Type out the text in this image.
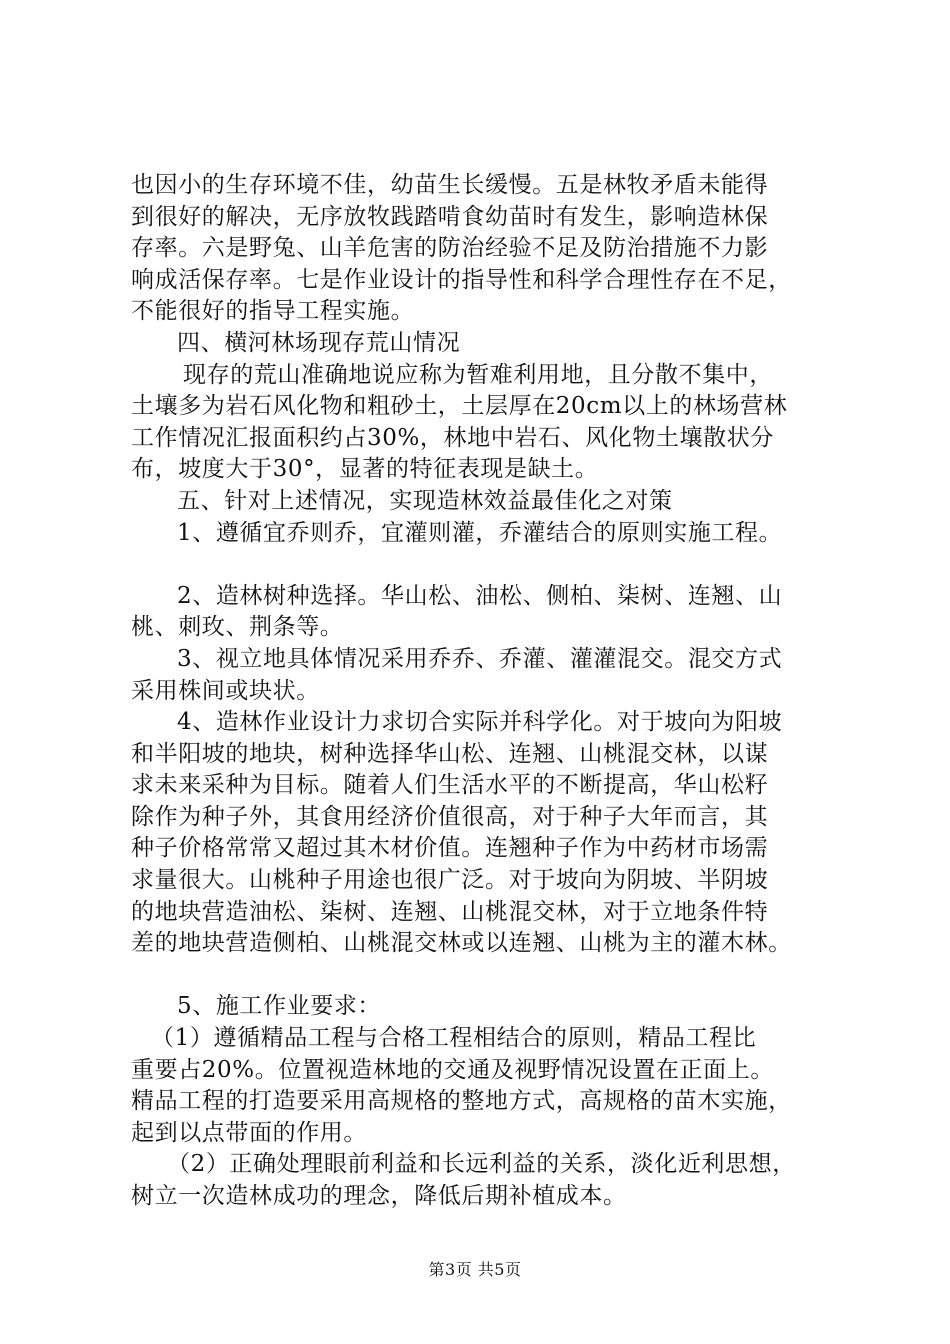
也因小的生存环境不佳，幼苗生长缓慢。五是林牧矛盾未能得
到很好的解决，无序放牧践踏啃食幼苗时有发生，影响造林保
存率。六是野兔、山羊危害的防治经验不足及防治措施不力影
响成活保存率。七是作业设计的指导性和科学合理性存在不足，
不能很好的指导工程实施。
四、横河林场现存荒山情况
现存的荒山准确地说应称为暂难利用地，且分散不集中，
土壤多为岩石风化物和粗砂土，土层厚在20cm以上的林场营林
工作情况汇报面积约占30%，林地中岩石、风化物土壤散状分
布，坡度大于30°，显著的特征表现是缺土。
五、针对上述情况，实现造林效益最佳化之对策
1、遵循宜乔则乔，宜灌则灌，乔灌结合的原则实施工程。
2、造林树种选择。华山松、油松、侧柏、柒树、连翘、山
桃、刺玫、荆条等。
3、视立地具体情况采用乔乔、乔灌、灌灌混交。混交方式
采用株间或块状。
4、造林作业设计力求切合实际并科学化。对于坡向为阳坡
和半阳坡的地块，树种选择华山松、连翘、山桃混交林，以谋
求未来采种为目标。随着人们生活水平的不断提高，华山松籽
除作为种子外，其食用经济价值很高，对于种子大年而言，其
种子价格常常又超过其木材价值。连翘种子作为中药材市场需
求量很大。山桃种子用途也很广泛。对于坡向为阴坡、半阴坡
的地块营造油松、柒树、连翘、山桃混交林，对于立地条件特
差的地块营造侧柏、山桃混交林或以连翘、山桃为主的灌木林。
5、施工作业要求：
（1）遵循精品工程与合格工程相结合的原则，精品工程比
重要占20%。位置视造林地的交通及视野情况设置在正面上。
精品工程的打造要采用高规格的整地方式，高规格的苗木实施，
起到以点带面的作用。
（2）正确处理眼前利益和长远利益的关系，淡化近利思想，
树立一次造林成功的理念，降低后期补植成本。
第3页 共5页
